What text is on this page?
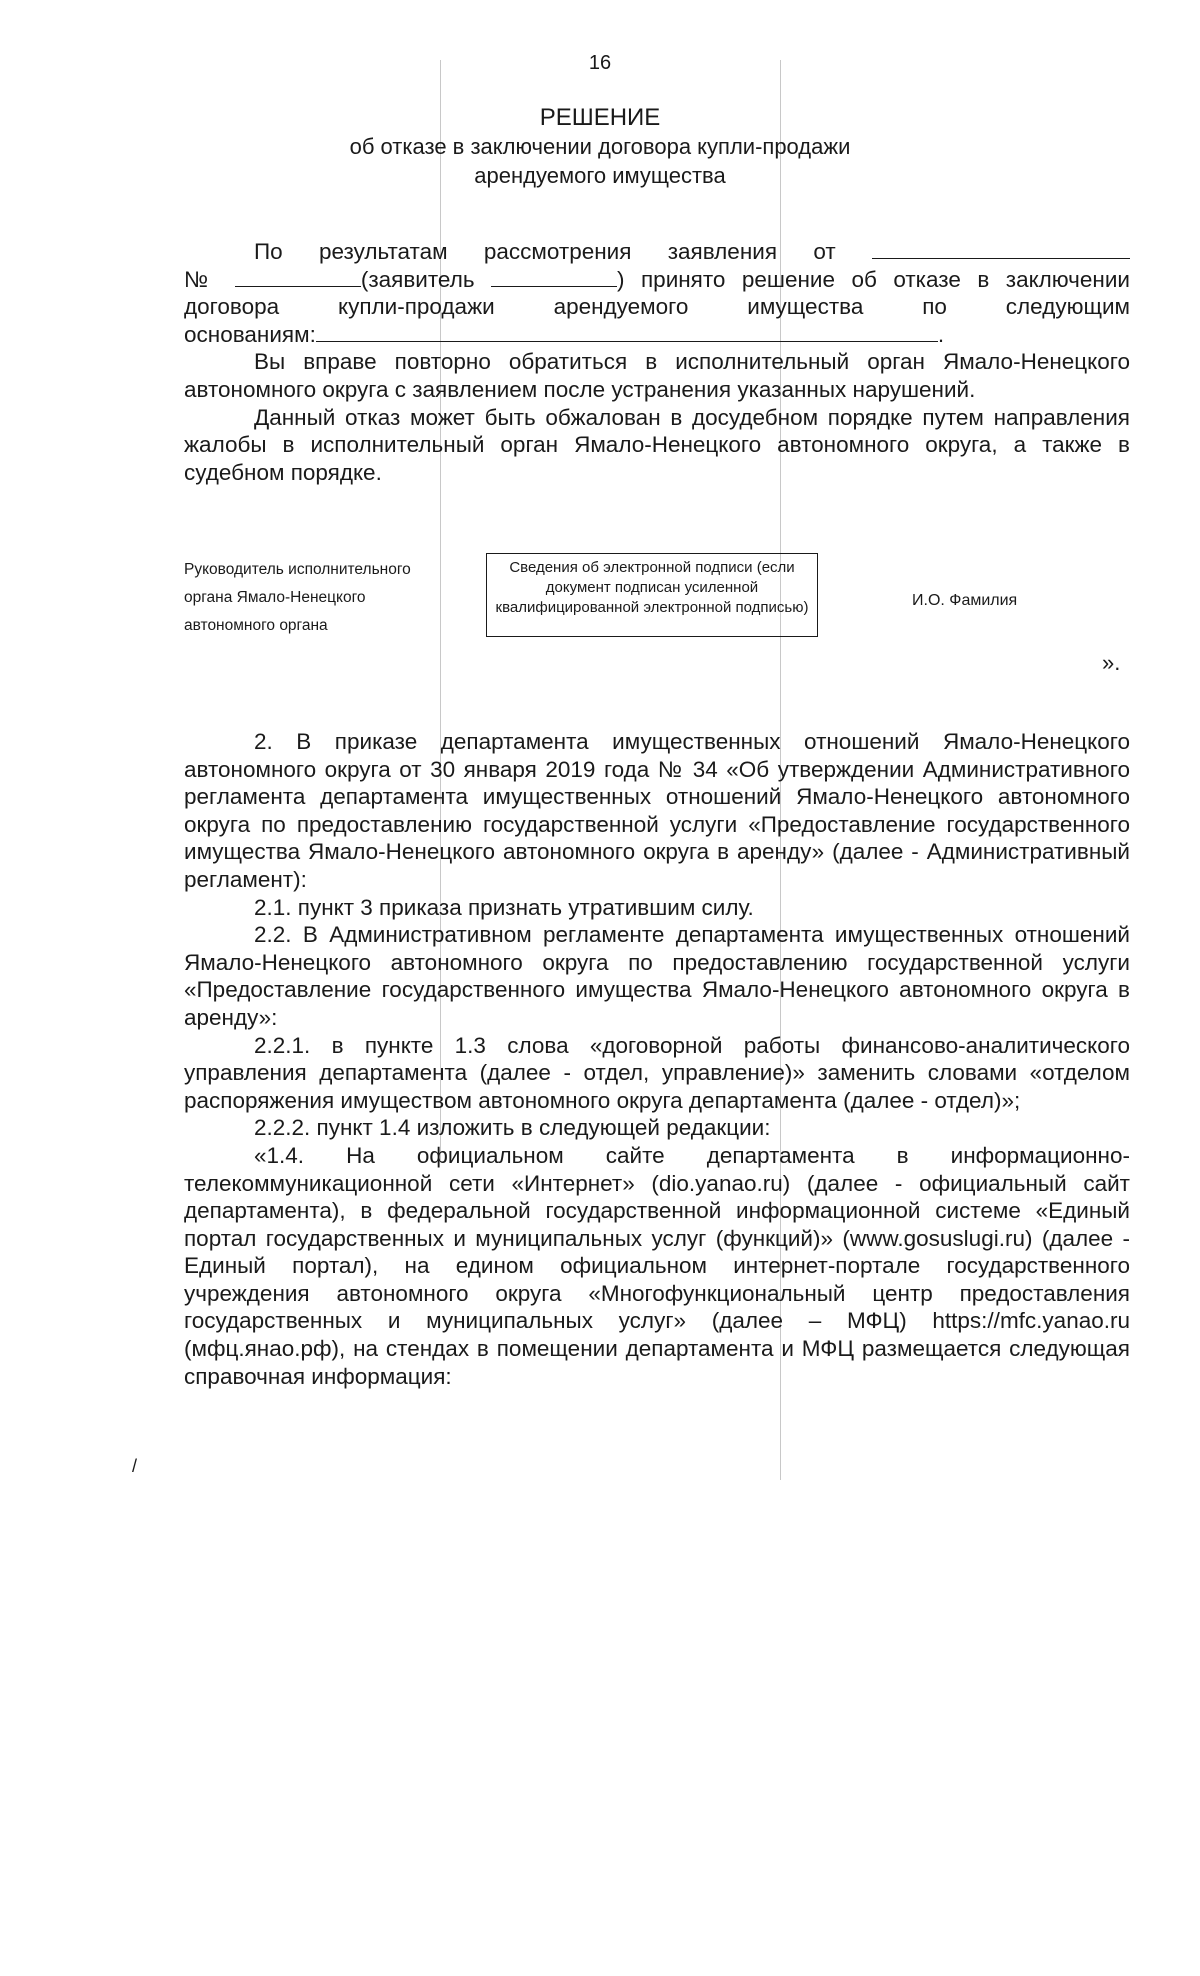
16
РЕШЕНИЕ
об отказе в заключении договора купли-продажи
арендуемого имущества

По результатам рассмотрения заявления от

№	(заявитель	) принято решение об отказе в заключении

договора купли-продажи арендуемого имущества по следующим

основаниям:	.

Вы вправе повторно обратиться в исполнительный орган Ямало-Ненецкого автономного округа с заявлением после устранения указанных нарушений.

Данный отказ может быть обжалован в досудебном порядке путем направления жалобы в исполнительный орган Ямало-Ненецкого автономного округа, а также в судебном порядке.

Руководитель исполнительного
органа Ямало-Ненецкого
автономного органа
Сведения об электронной подписи (если документ подписан усиленной квалифицированной электронной подписью)	И.О. Фамилия
».

2. В приказе департамента имущественных отношений Ямало-Ненецкого автономного округа от 30 января 2019 года № 34 «Об утверждении Административного регламента департамента имущественных отношений Ямало-Ненецкого автономного округа по предоставлению государственной услуги «Предоставление государственного имущества Ямало-Ненецкого автономного округа в аренду» (далее - Административный регламент):

2.1. пункт 3 приказа признать утратившим силу.

2.2. В Административном регламенте департамента имущественных отношений Ямало-Ненецкого автономного округа по предоставлению государственной услуги «Предоставление государственного имущества Ямало-Ненецкого автономного округа в аренду»:

2.2.1. в пункте 1.3 слова «договорной работы финансово-аналитического управления департамента (далее - отдел, управление)» заменить словами «отделом распоряжения имуществом автономного округа департамента (далее - отдел)»;

2.2.2. пункт 1.4 изложить в следующей редакции:

«1.4. На официальном сайте департамента в информационно-телекоммуникационной сети «Интернет» (dio.yanao.ru) (далее - официальный сайт департамента), в федеральной государственной информационной системе «Единый портал государственных и муниципальных услуг (функций)» (www.gosuslugi.ru) (далее - Единый портал), на едином официальном интернет-портале государственного учреждения автономного округа «Многофункциональный центр предоставления государственных и муниципальных услуг» (далее – МФЦ) https://mfc.yanao.ru (мфц.янао.рф), на стендах в помещении департамента и МФЦ размещается следующая справочная информация:

/
